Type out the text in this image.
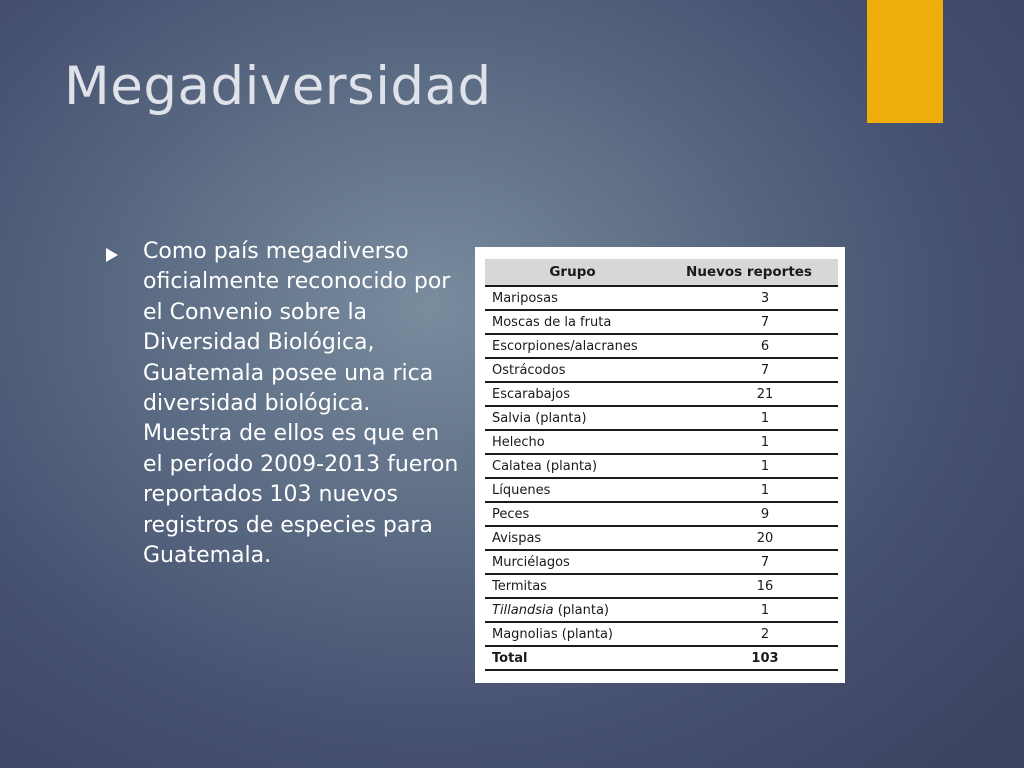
Megadiversidad

Como país megadiverso oficialmente reconocido por el Convenio sobre la Diversidad Biológica, Guatemala posee una rica diversidad biológica. Muestra de ellos es que en el período 2009-2013 fueron reportados 103 nuevos registros de especies para Guatemala.

Grupo	Nuevos reportes
Mariposas	3
Moscas de la fruta	7
Escorpiones/alacranes	6
Ostrácodos	7
Escarabajos	21
Salvia (planta)	1
Helecho	1
Calatea (planta)	1
Líquenes	1
Peces	9
Avispas	20
Murciélagos	7
Termitas	16
Tillandsia (planta)	1
Magnolias (planta)	2
Total	103
